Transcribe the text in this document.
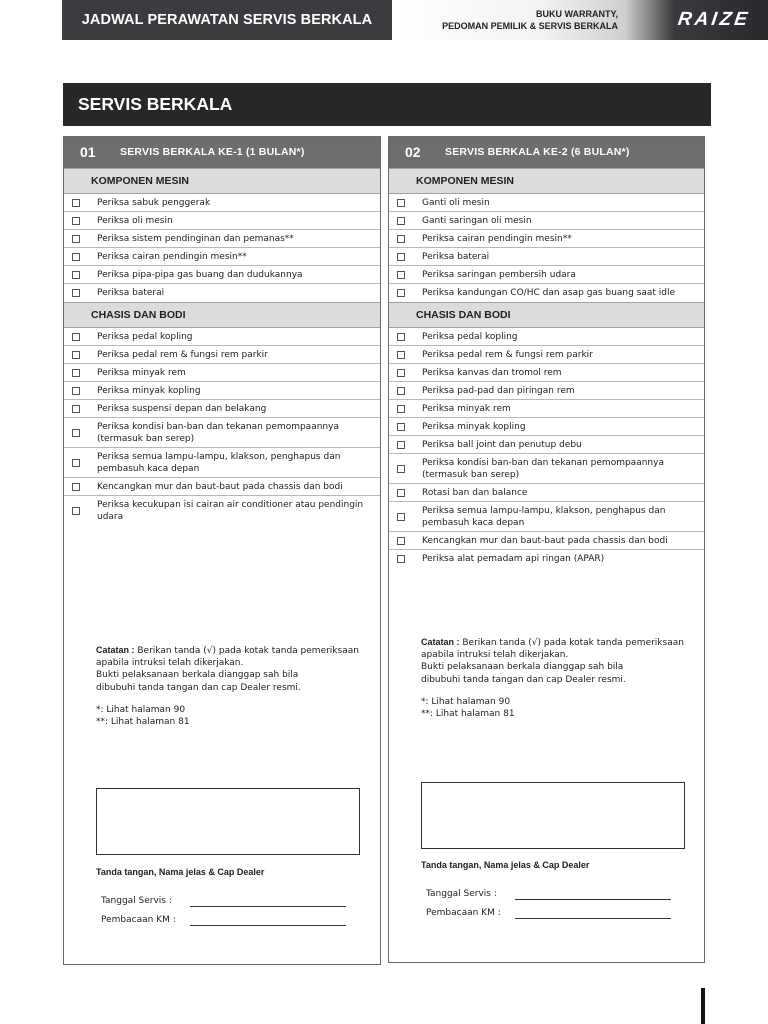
JADWAL PERAWATAN SERVIS BERKALA	BUKU WARRANTY,
PEDOMAN PEMILIK & SERVIS BERKALA	RAIZE
SERVIS BERKALA
01 SERVIS BERKALA KE-1 (1 BULAN*)
KOMPONEN MESIN
Periksa sabuk penggerak
Periksa oli mesin
Periksa sistem pendinginan dan pemanas**
Periksa cairan pendingin mesin**
Periksa pipa-pipa gas buang dan dudukannya
Periksa baterai
CHASIS DAN BODI
Periksa pedal kopling
Periksa pedal rem & fungsi rem parkir
Periksa minyak rem
Periksa minyak kopling
Periksa suspensi depan dan belakang
Periksa kondisi ban-ban dan tekanan pemompaannya (termasuk ban serep)
Periksa semua lampu-lampu, klakson, penghapus dan pembasuh kaca depan
Kencangkan mur dan baut-baut pada chassis dan bodi
Periksa kecukupan isi cairan air conditioner atau pendingin udara
Catatan : Berikan tanda (√) pada kotak tanda pemeriksaan
apabila intruksi telah dikerjakan.
Bukti pelaksanaan berkala dianggap sah bila
dibubuhi tanda tangan dan cap Dealer resmi.
*: Lihat halaman 90
**: Lihat halaman 81
Tanda tangan, Nama jelas & Cap Dealer
Tanggal Servis :
Pembacaan KM :
02 SERVIS BERKALA KE-2 (6 BULAN*)
KOMPONEN MESIN
Ganti oli mesin
Ganti saringan oli mesin
Periksa cairan pendingin mesin**
Periksa baterai
Periksa saringan pembersih udara
Periksa kandungan CO/HC dan asap gas buang saat idle
CHASIS DAN BODI
Periksa pedal kopling
Periksa pedal rem & fungsi rem parkir
Periksa kanvas dan tromol rem
Periksa pad-pad dan piringan rem
Periksa minyak rem
Periksa minyak kopling
Periksa ball joint dan penutup debu
Periksa kondisi ban-ban dan tekanan pemompaannya (termasuk ban serep)
Rotasi ban dan balance
Periksa semua lampu-lampu, klakson, penghapus dan pembasuh kaca depan
Kencangkan mur dan baut-baut pada chassis dan bodi
Periksa alat pemadam api ringan (APAR)
Catatan : Berikan tanda (√) pada kotak tanda pemeriksaan
apabila intruksi telah dikerjakan.
Bukti pelaksanaan berkala dianggap sah bila
dibubuhi tanda tangan dan cap Dealer resmi.
*: Lihat halaman 90
**: Lihat halaman 81
Tanda tangan, Nama jelas & Cap Dealer
Tanggal Servis :
Pembacaan KM :
